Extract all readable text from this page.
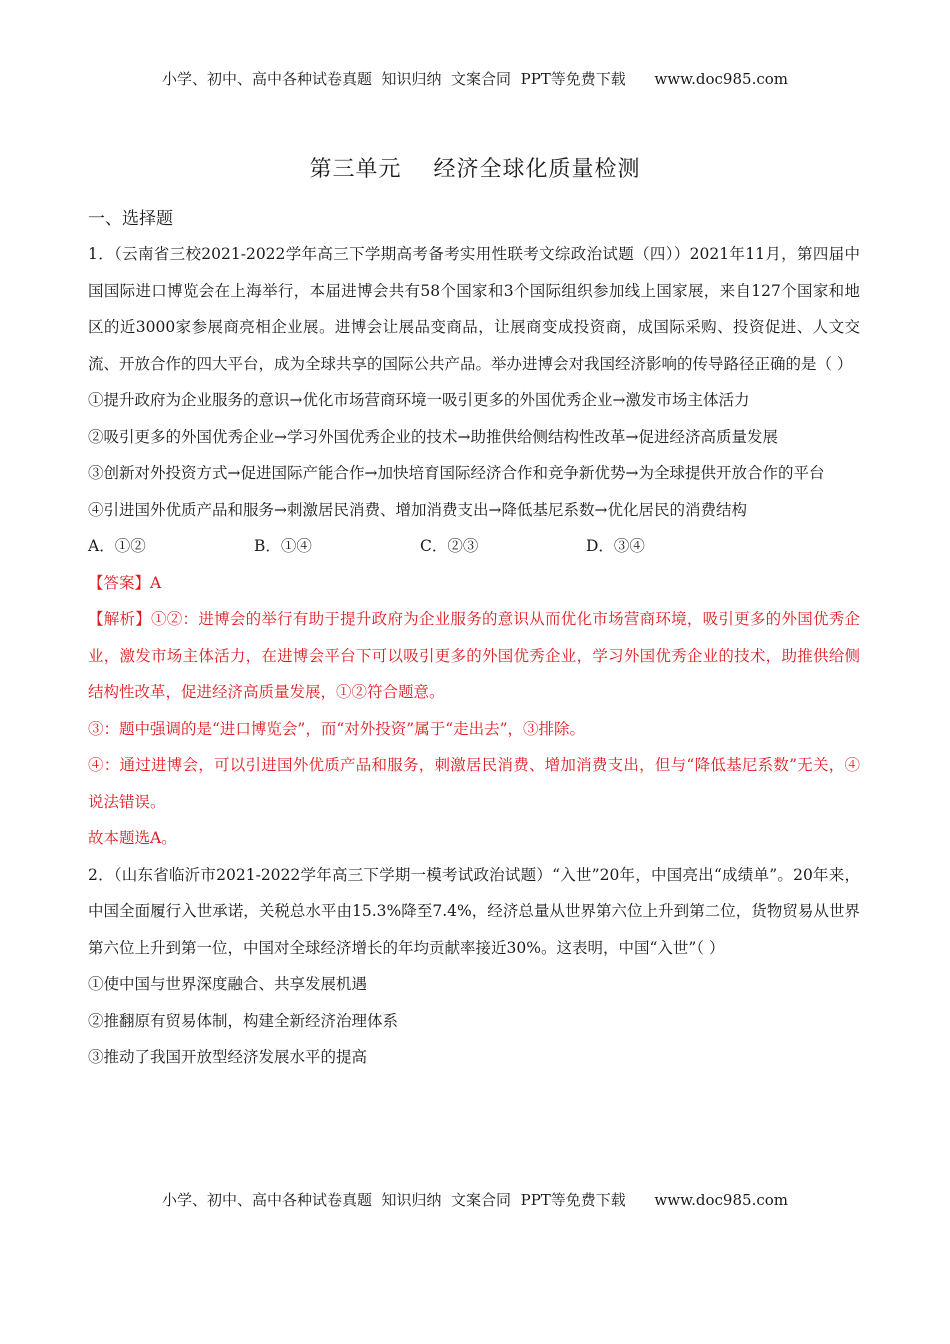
小学、初中、高中各种试卷真题  知识归纳  文案合同  PPT等免费下载      www.doc985.com
第三单元    经济全球化质量检测
一、选择题

1．（云南省三校2021-2022学年高三下学期高考备考实用性联考文综政治试题（四））2021年11月，第四届中国国际进口博览会在上海举行，本届进博会共有58个国家和3个国际组织参加线上国家展，来自127个国家和地区的近3000家参展商亮相企业展。进博会让展品变商品，让展商变成投资商，成国际采购、投资促进、人文交流、开放合作的四大平台，成为全球共享的国际公共产品。举办进博会对我国经济影响的传导路径正确的是（ ）

①提升政府为企业服务的意识→优化市场营商环境一吸引更多的外国优秀企业→激发市场主体活力

②吸引更多的外国优秀企业→学习外国优秀企业的技术→助推供给侧结构性改革→促进经济高质量发展

③创新对外投资方式→促进国际产能合作→加快培育国际经济合作和竞争新优势→为全球提供开放合作的平台

④引进国外优质产品和服务→刺激居民消费、增加消费支出→降低基尼系数→优化居民的消费结构

A．①②	B．①④	C．②③	D．③④

【答案】A

【解析】①②：进博会的举行有助于提升政府为企业服务的意识从而优化市场营商环境，吸引更多的外国优秀企业，激发市场主体活力，在进博会平台下可以吸引更多的外国优秀企业，学习外国优秀企业的技术，助推供给侧结构性改革，促进经济高质量发展，①②符合题意。

③：题中强调的是“进口博览会”，而“对外投资”属于“走出去”，③排除。

④：通过进博会，可以引进国外优质产品和服务，刺激居民消费、增加消费支出，但与“降低基尼系数”无关，④说法错误。

故本题选A。

2．（山东省临沂市2021-2022学年高三下学期一模考试政治试题）“入世”20年，中国亮出“成绩单”。20年来，中国全面履行入世承诺，关税总水平由15.3%降至7.4%，经济总量从世界第六位上升到第二位，货物贸易从世界第六位上升到第一位，中国对全球经济增长的年均贡献率接近30%。这表明，中国“入世”（ ）

①使中国与世界深度融合、共享发展机遇

②推翻原有贸易体制，构建全新经济治理体系

③推动了我国开放型经济发展水平的提高

小学、初中、高中各种试卷真题  知识归纳  文案合同  PPT等免费下载      www.doc985.com
